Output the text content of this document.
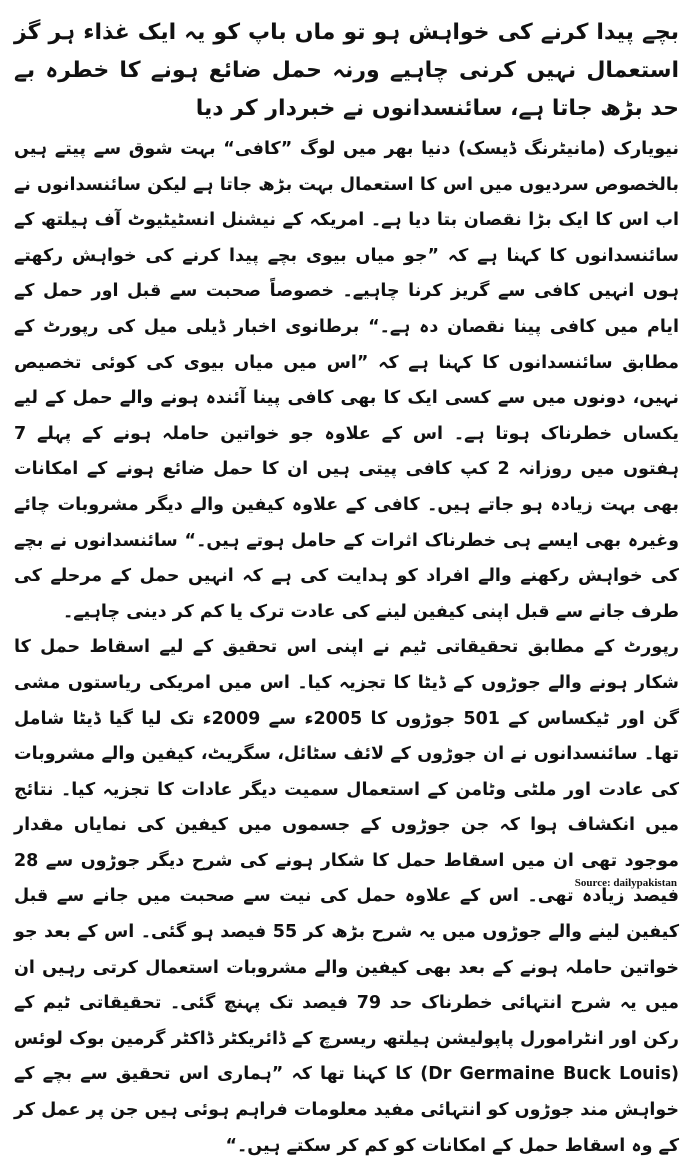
بچے پیدا کرنے کی خواہش ہو تو ماں باپ کو یہ ایک غذاء ہر گز استعمال نہیں کرنی چاہیے ورنہ حمل ضائع ہونے کا خطرہ بے حد بڑھ جاتا ہے، سائنسدانوں نے خبردار کر دیا

نیویارک (مانیٹرنگ ڈیسک) دنیا بھر میں لوگ ”کافی“ بہت شوق سے پیتے ہیں بالخصوص سردیوں میں اس کا استعمال بہت بڑھ جاتا ہے لیکن سائنسدانوں نے اب اس کا ایک بڑا نقصان بتا دیا ہے۔ امریکہ کے نیشنل انسٹیٹیوٹ آف ہیلتھ کے سائنسدانوں کا کہنا ہے کہ ”جو میاں بیوی بچے پیدا کرنے کی خواہش رکھتے ہوں انہیں کافی سے گریز کرنا چاہیے۔ خصوصاً صحبت سے قبل اور حمل کے ایام میں کافی پینا نقصان دہ ہے۔“ برطانوی اخبار ڈیلی میل کی رپورٹ کے مطابق سائنسدانوں کا کہنا ہے کہ ”اس میں میاں بیوی کی کوئی تخصیص نہیں، دونوں میں سے کسی ایک کا بھی کافی پینا آئندہ ہونے والے حمل کے لیے یکساں خطرناک ہوتا ہے۔ اس کے علاوہ جو خواتین حاملہ ہونے کے پہلے 7 ہفتوں میں روزانہ 2 کپ کافی پیتی ہیں ان کا حمل ضائع ہونے کے امکانات بھی بہت زیادہ ہو جاتے ہیں۔ کافی کے علاوہ کیفین والے دیگر مشروبات چائے وغیرہ بھی ایسے ہی خطرناک اثرات کے حامل ہوتے ہیں۔“ سائنسدانوں نے بچے کی خواہش رکھنے والے افراد کو ہدایت کی ہے کہ انہیں حمل کے مرحلے کی طرف جانے سے قبل اپنی کیفین لینے کی عادت ترک یا کم کر دینی چاہیے۔

رپورٹ کے مطابق تحقیقاتی ٹیم نے اپنی اس تحقیق کے لیے اسقاط حمل کا شکار ہونے والے جوڑوں کے ڈیٹا کا تجزیہ کیا۔ اس میں امریکی ریاستوں مشی گن اور ٹیکساس کے 501 جوڑوں کا 2005ء سے 2009ء تک لیا گیا ڈیٹا شامل تھا۔ سائنسدانوں نے ان جوڑوں کے لائف سٹائل، سگریٹ، کیفین والے مشروبات کی عادت اور ملٹی وٹامن کے استعمال سمیت دیگر عادات کا تجزیہ کیا۔ نتائج میں انکشاف ہوا کہ جن جوڑوں کے جسموں میں کیفین کی نمایاں مقدار موجود تھی ان میں اسقاط حمل کا شکار ہونے کی شرح دیگر جوڑوں سے 28 فیصد زیادہ تھی۔ اس کے علاوہ حمل کی نیت سے صحبت میں جانے سے قبل کیفین لینے والے جوڑوں میں یہ شرح بڑھ کر 55 فیصد ہو گئی۔ اس کے بعد جو خواتین حاملہ ہونے کے بعد بھی کیفین والے مشروبات استعمال کرتی رہیں ان میں یہ شرح انتہائی خطرناک حد 79 فیصد تک پہنچ گئی۔ تحقیقاتی ٹیم کے رکن اور انٹرامورل پاپولیشن ہیلتھ ریسرچ کے ڈائریکٹر ڈاکٹر گرمین بوک لوئس (Dr Germaine Buck Louis) کا کہنا تھا کہ ”ہماری اس تحقیق سے بچے کے خواہش مند جوڑوں کو انتہائی مفید معلومات فراہم ہوئی ہیں جن پر عمل کر کے وہ اسقاط حمل کے امکانات کو کم کر سکتے ہیں۔“

Source: dailypakistan
